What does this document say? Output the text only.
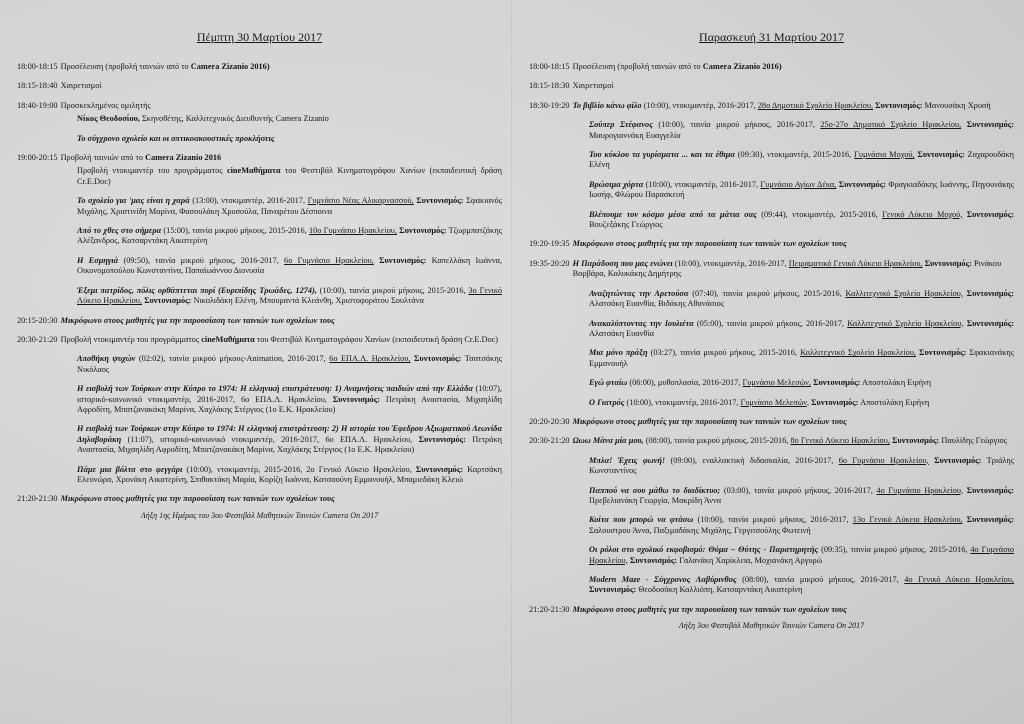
Πέμπτη 30 Μαρτίου 2017
18:00-18:15 Προσέλευση (προβολή ταινιών από το Camera Zizanio 2016)
18:15-18:40 Χαιρετισμοί
18:40-19:00 Προσκεκλημένος ομιλητής

Νίκος Θεοδοσίου, Σκηνοθέτης, Καλλιτεχνικός Διευθυντής Camera Zizanio

Το σύγχρονο σχολείο και οι οπτικοακουστικές προκλήσεις

19:00-20:15 Προβολή ταινιών από το Camera Zizanio 2016

Προβολή ντοκιμαντέρ του προγράμματος cineΜαθήματα του Φεστιβάλ Κινηματογράφου Χανίων (εκπαιδευτική δράση Cr.E.Doc)

Το σχολείο για 'μας είναι η χαρά (13:00), ντοκιμαντέρ, 2016-2017, Γυμνάσιο Νέας Αλικαρνασσού, Συντονισμός: Σφακιανός Μιχάλης, Χριστινίδη Μαρίνα, Φασουλάκη Χρυσούλα, Παναρέτου Δέσποινα

Από το χθες στο σήμερα (15:00), ταινία μικρού μήκους, 2015-2016, 10ο Γυμνάσιο Ηρακλείου, Συντονισμός: Τζωρμπατζάκης Αλέξανδρος, Κατσαρντάκη Αικατερίνη

Η Εσμηγιά (09:50), ταινία μικρού μήκους, 2016-2017, 6ο Γυμνάσιο Ηρακλείου, Συντονισμός: Καπελλάκη Ιωάννα, Οικονομοπούλου Κωνσταντίνα, Παπαϊωάννου Διονυσία

Έξεμι πατρίδος, πόλις ορθάπτεται πυρί (Ευριπίδης Τρωάδες, 1274), (10:00), ταινία μικρού μήκους, 2015-2016, 3ο Γενικό Λύκειο Ηρακλείου, Συντονισμός: Νικολιδάκη Ελένη, Μπουραντά Κλεάνθη, Χριστοφοράτου Σουλτάνα

20:15-20:30 Μικρόφωνο στους μαθητές για την παρουσίαση των ταινιών των σχολείων τους
20:30-21:20 Προβολή ντοκιμαντέρ του προγράμματος cineΜαθήματα του Φεστιβάλ Κινηματογράφου Χανίων (εκπαιδευτική δράση Cr.E.Doc)

Αποθήκη ψυχών (02:02), ταινία μικρού μήκους-Animation, 2016-2017, 6ο ΕΠΑ.Λ. Ηρακλείου, Συντονισμός: Τσατσάκης Νικόλαος

Η εισβολή των Τούρκων στην Κύπρο το 1974: Η ελληνική επιστράτευση: 1) Αναμνήσεις παιδιών από την Ελλάδα (10:07), ιστορικό-κοινωνικό ντοκιμαντέρ, 2016-2017, 6ο ΕΠΑ.Λ. Ηρακλείου, Συντονισμός: Πετράκη Αναστασία, Μιχαηλίδη Αφροδίτη, Μπατζανακάκη Μαρίνα, Χαχλάκης Στέργιος (1ο Ε.Κ. Ηρακλείου)

Η εισβολή των Τούρκων στην Κύπρο το 1974: Η ελληνική επιστράτευση: 2) Η ιστορία του Έφεδρου Αξιωματικού Λεωνίδα Δηλαβοράκη (11:07), ιστορικό-κοινωνικό ντοκιμαντέρ, 2016-2017, 6ο ΕΠΑ.Λ. Ηρακλείου, Συντονισμός: Πετράκη Αναστασία, Μιχαηλίδη Αφροδίτη, Μπατζανακάκη Μαρίνα, Χαχλάκης Στέργιος (1ο Ε.Κ. Ηρακλείου)

Πάμε μια βόλτα στο φεγγάρι (10:00), ντοκιμαντέρ, 2015-2016, 2ο Γενικό Λύκειο Ηρακλείου, Συντονισμός: Καρτσάκη Ελεονώρα, Χρονάκη Αικατερίνη, Σπιθακτάκη Μαρία, Κορίζη Ιωάννα, Κατσαούνη Εμμανουήλ, Μπαμιεδάκη Κλειώ

21:20-21:30 Μικρόφωνο στους μαθητές για την παρουσίαση των ταινιών των σχολείων τους
Λήξη 1ης Ημέρας του 3ου Φεστιβάλ Μαθητικών Ταινιών Camera On 2017
Παρασκευή 31 Μαρτίου 2017
18:00-18:15 Προσέλευση (προβολή ταινιών από το Camera Zizanio 2016)
18:15-18:30 Χαιρετισμοί
18:30-19:20 Το βιβλίο κάνω φίλο (10:00), ντοκιμαντέρ, 2016-2017, 28ο Δημοτικό Σχολείο Ηρακλείου, Συντονισμός: Μανουσάκη Χρυσή

Σούπερ Στέφανος (10:00), ταινία μικρού μήκους, 2016-2017, 25ο-27ο Δημοτικό Σχολείο Ηρακλείου, Συντονισμός: Μαυρογιαννάκη Ευαγγελία

Του κύκλου τα γυρίσματα ... και τα έθιμα (09:30), ντοκιμαντέρ, 2015-2016, Γυμνάσιο Μοχού, Συντονισμός: Ζαχαρουδάκη Ελένη

Βρώσιμα χόρτα (10:00), ντοκιμαντέρ, 2016-2017, Γυμνάσιο Αγίων Δέκα, Συντονισμός: Φραγκιαδάκης Ιωάννης, Πηγουνάκης Ιωσήφ, Φλώρου Παρασκευή

Βλέπουμε τον κόσμο μέσα από τα μάτια σας (09:44), ντοκιμαντέρ, 2015-2016, Γενικό Λύκειο Μοχού, Συντονισμός: Βουζεξάκης Γεώργιος

19:20-19:35 Μικρόφωνο στους μαθητές για την παρουσίαση των ταινιών των σχολείων τους
19:35-20:20 Η Παράδοση που μας ενώνει (10:00), ντοκιμαντέρ, 2016-2017, Πειραματικό Γενικό Λύκειο Ηρακλείου, Συντονισμός: Ρινάκου Βαρβάρα, Καλυκάκης Δημήτρης

Αναζητώντας την Αρετούσα (07:40), ταινία μικρού μήκους, 2015-2016, Καλλιτεχνικό Σχολείο Ηρακλείου, Συντονισμός: Αλατσάκη Ευανθία, Βιδάκης Αθανάσιος

Ανακαλύπτοντας την Ιουλιέτα (05:00), ταινία μικρού μήκους, 2016-2017, Καλλιτεχνικό Σχολείο Ηρακλείου, Συντονισμός: Αλατσάκη Ευανθία

Μια μόνο πράξη (03:27), ταινία μικρού μήκους, 2015-2016, Καλλιτεχνικό Σχολείο Ηρακλείου, Συντονισμός: Σφακιανάκης Εμμανουήλ

Εγώ φταίω (06:00), μυθοπλασία, 2016-2017, Γυμνάσιο Μελεσών, Συντονισμός: Αποστολάκη Ειρήνη

Ο Γιατρός (10:00), ντοκιμαντέρ, 2016-2017, Γυμνάσιο Μελεσών, Συντονισμός: Αποστολάκη Ειρήνη

20:20-20:30 Μικρόφωνο στους μαθητές για την παρουσίαση των ταινιών των σχολείων τους
20:30-21:20 Ωωω Μάνα μία μου, (08:00), ταινία μικρού μήκους, 2015-2016, 8ο Γενικό Λύκειο Ηρακλείου, Συντονισμός: Παυλίδης Γεώργιος

Μπλα! Έχεις φωνή! (09:00), εναλλακτική διδασκαλία, 2016-2017, 6ο Γυμνάσιο Ηρακλείου, Συντονισμός: Τριάλης Κωνσταντίνος

Παππού να σου μάθω το διαδίκτυο; (03:00), ταινία μικρού μήκους, 2016-2017, 4ο Γυμνάσιο Ηρακλείου, Συντονισμός: Πρεβελιανάκη Γεωργία, Μακρίδη Άννα

Κοίτα που μπορώ να φτάσω (10:00), ταινία μικρού μήκους, 2016-2017, 13ο Γενικό Λύκειο Ηρακλείου, Συντονισμός: Σαλουστρου Άννα, Παξιμαδάκης Μιχάλης, Γεργιτσούλης Φωτεινή

Οι ρόλοι στο σχολικό εκφοβισμό: Θύμα – Θύτης - Παρατηρητής (09:35), ταινία μικρού μήκους, 2015-2016, 4ο Γυμνάσιο Ηρακλείου, Συντονισμός: Γαλανάκη Χαρίκλεια, Μοχιανάκη Αργυρώ

Modern Maze - Σύγχρονος Λαβύρινθος (08:00), ταινία μικρού μήκους, 2016-2017, 4ο Γενικό Λύκειο Ηρακλείου, Συντονισμός: Θεοδοσάκη Καλλιόπη, Κατσαρντάκη Αικατερίνη

21:20-21:30 Μικρόφωνο στους μαθητές για την παρουσίαση των ταινιών των σχολείων τους
Λήξη 3ου Φεστιβάλ Μαθητικών Ταινιών Camera On 2017
